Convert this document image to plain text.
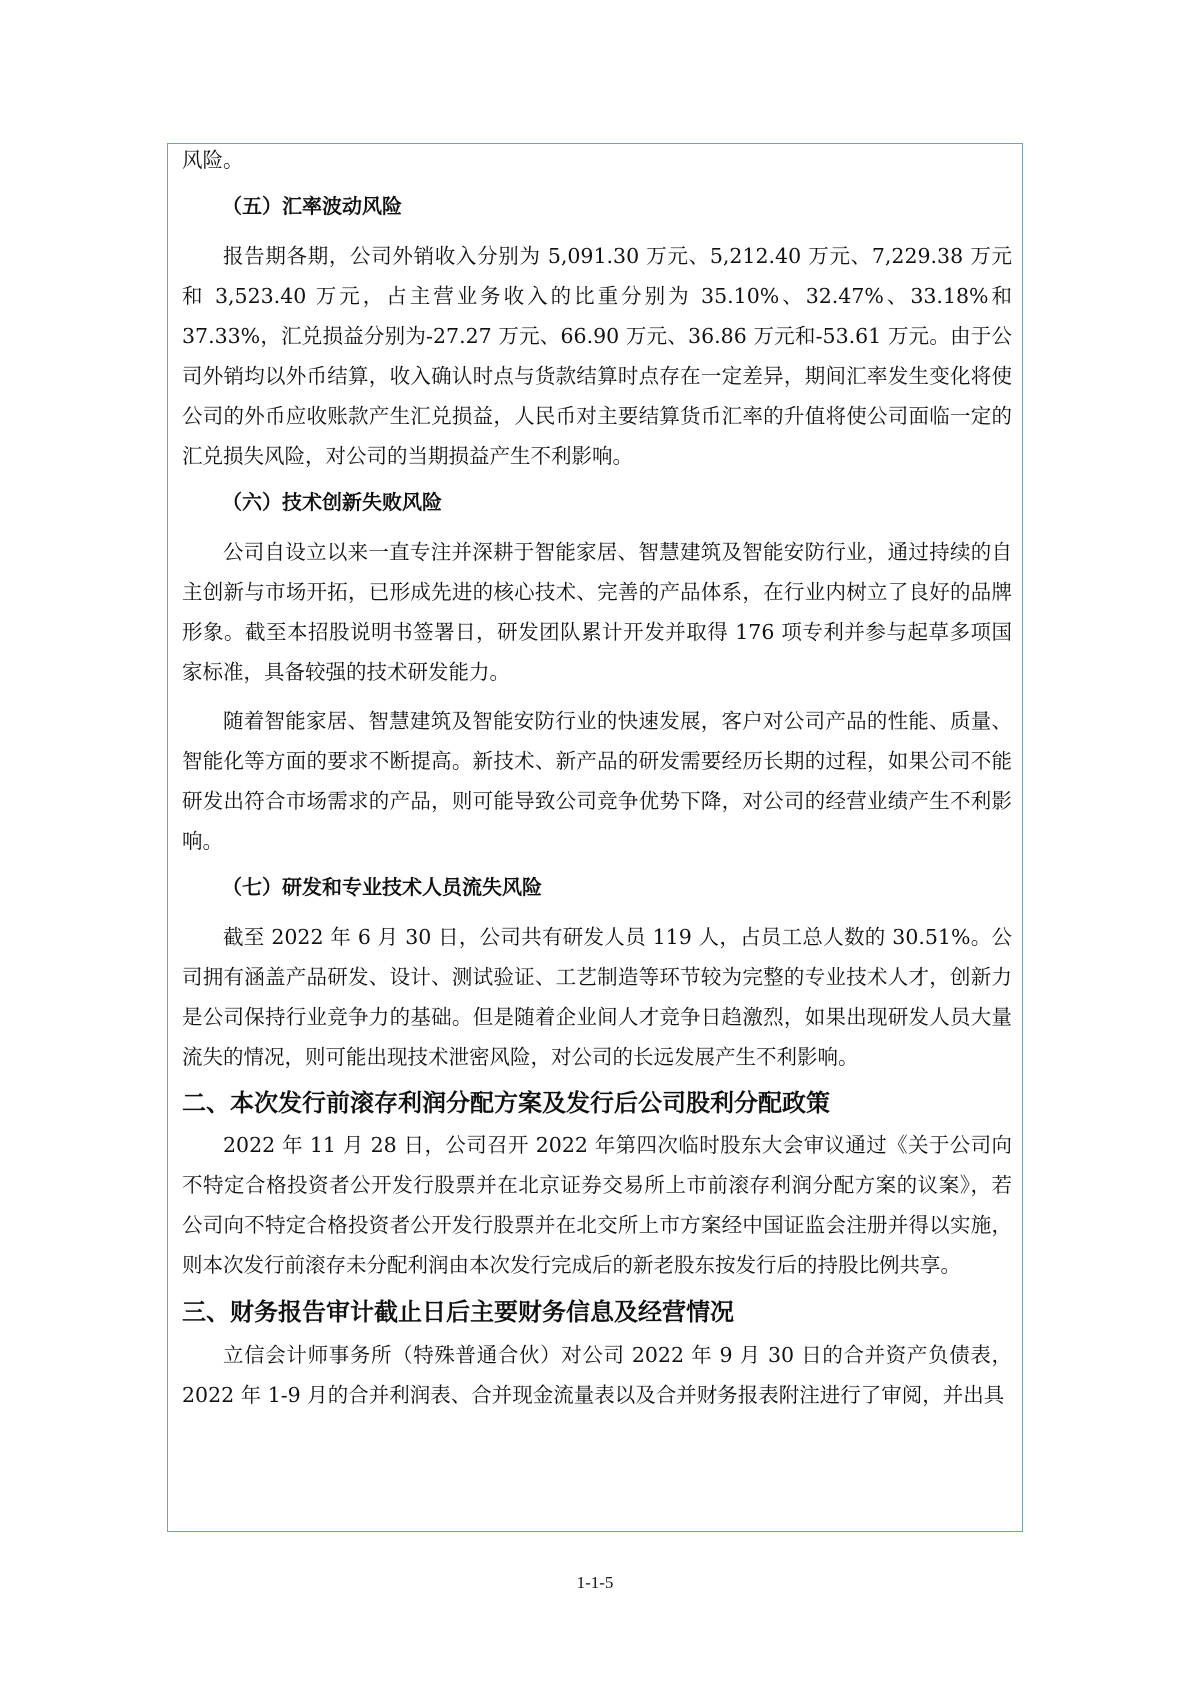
风险。

（五）汇率波动风险

报告期各期，公司外销收入分别为 5,091.30 万元、5,212.40 万元、7,229.38 万元和 3,523.40 万元，占主营业务收入的比重分别为 35.10%、32.47%、33.18%和 37.33%，汇兑损益分别为-27.27 万元、66.90 万元、36.86 万元和-53.61 万元。由于公司外销均以外币结算，收入确认时点与货款结算时点存在一定差异，期间汇率发生变化将使公司的外币应收账款产生汇兑损益，人民币对主要结算货币汇率的升值将使公司面临一定的汇兑损失风险，对公司的当期损益产生不利影响。

（六）技术创新失败风险

公司自设立以来一直专注并深耕于智能家居、智慧建筑及智能安防行业，通过持续的自主创新与市场开拓，已形成先进的核心技术、完善的产品体系，在行业内树立了良好的品牌形象。截至本招股说明书签署日，研发团队累计开发并取得 176 项专利并参与起草多项国家标准，具备较强的技术研发能力。

随着智能家居、智慧建筑及智能安防行业的快速发展，客户对公司产品的性能、质量、智能化等方面的要求不断提高。新技术、新产品的研发需要经历长期的过程，如果公司不能研发出符合市场需求的产品，则可能导致公司竞争优势下降，对公司的经营业绩产生不利影响。

（七）研发和专业技术人员流失风险

截至 2022 年 6 月 30 日，公司共有研发人员 119 人，占员工总人数的 30.51%。公司拥有涵盖产品研发、设计、测试验证、工艺制造等环节较为完整的专业技术人才，创新力是公司保持行业竞争力的基础。但是随着企业间人才竞争日趋激烈，如果出现研发人员大量流失的情况，则可能出现技术泄密风险，对公司的长远发展产生不利影响。

二、本次发行前滚存利润分配方案及发行后公司股利分配政策

2022 年 11 月 28 日，公司召开 2022 年第四次临时股东大会审议通过《关于公司向不特定合格投资者公开发行股票并在北京证券交易所上市前滚存利润分配方案的议案》，若公司向不特定合格投资者公开发行股票并在北交所上市方案经中国证监会注册并得以实施，则本次发行前滚存未分配利润由本次发行完成后的新老股东按发行后的持股比例共享。

三、财务报告审计截止日后主要财务信息及经营情况

立信会计师事务所（特殊普通合伙）对公司 2022 年 9 月 30 日的合并资产负债表，2022 年 1-9 月的合并利润表、合并现金流量表以及合并财务报表附注进行了审阅，并出具

1-1-5
